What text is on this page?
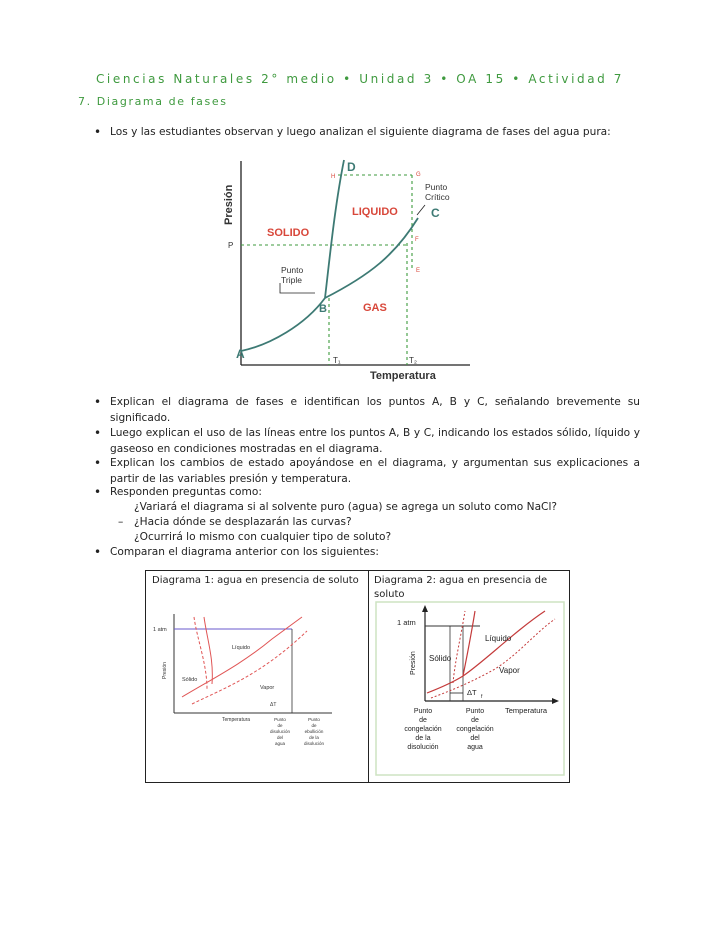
Ciencias Naturales 2° medio • Unidad 3 • OA 15 • Actividad 7
7. Diagrama de fases
• Los y las estudiantes observan y luego analizan el siguiente diagrama de fases del agua pura:
Presión
Temperatura
SOLIDO
LIQUIDO
GAS
Punto
Crítico
Punto
Triple
A
B
C
D
P
T₁	T₂
H	G
F
E
• Explican el diagrama de fases e identifican los puntos A, B y C, señalando brevemente su significado.
• Luego explican el uso de las líneas entre los puntos A, B y C, indicando los estados sólido, líquido y gaseoso en condiciones mostradas en el diagrama.
• Explican los cambios de estado apoyándose en el diagrama, y argumentan sus explicaciones a partir de las variables presión y temperatura.
• Responden preguntas como:
¿Variará el diagrama si al solvente puro (agua) se agrega un soluto como NaCl?
– ¿Hacia dónde se desplazarán las curvas?
¿Ocurrirá lo mismo con cualquier tipo de soluto?
• Comparan el diagrama anterior con los siguientes:
Diagrama 1: agua en presencia de soluto Diagrama 2: agua en presencia de soluto
1 atm
Presión
Líquido
Sólido
Vapor
ΔT
Temperatura	Punto
de
disolución
del
agua
Punto
de
ebullición
de la
disolución
1 atm
Presión
Líquido
Sólido
Vapor
ΔT f
Temperatura
Punto
de
congelación
de la
disolución
Punto
de
congelación
del
agua
